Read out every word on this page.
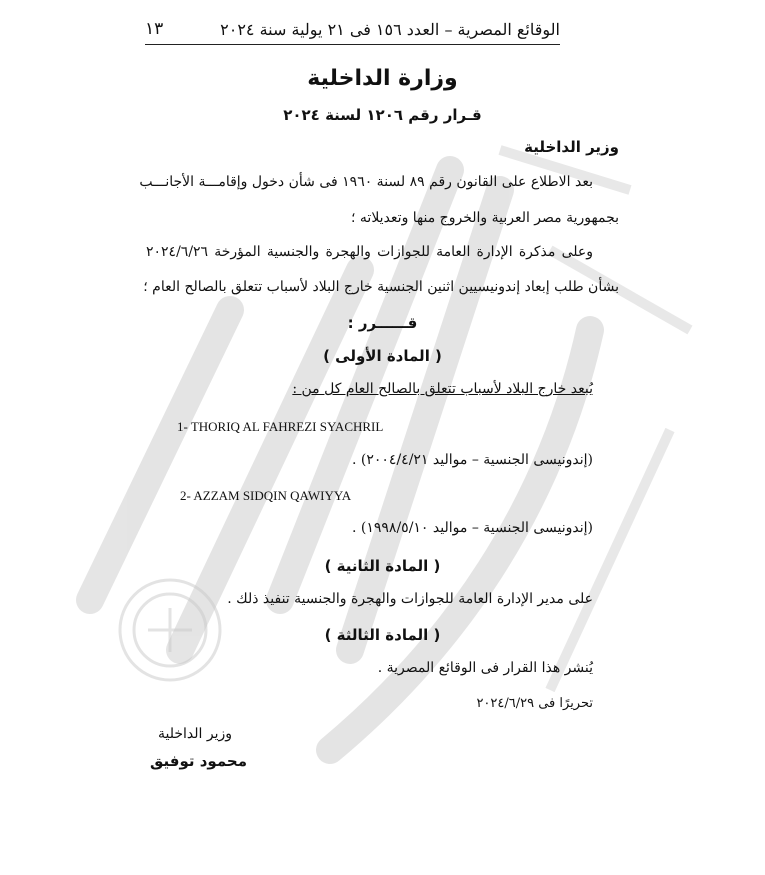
الوقائع المصرية – العدد ١٥٦ فى ٢١ يولية سنة ٢٠٢٤
١٣
وزارة الداخلية
قـرار رقم ١٢٠٦ لسنة ٢٠٢٤
وزير الداخلية
بعد الاطلاع على القانون رقم ٨٩ لسنة ١٩٦٠ فى شأن دخول وإقامـــة الأجانـــب
بجمهورية مصر العربية والخروج منها وتعديلاته ؛
وعلى مذكرة الإدارة العامة للجوازات والهجرة والجنسية المؤرخة ٢٠٢٤/٦/٢٦
بشأن طلب إبعاد إندونيسيين اثنين الجنسية خارج البلاد لأسباب تتعلق بالصالح العام ؛
قــــــرر :
( المادة الأولى )
يُبعد خارج البلاد لأسباب تتعلق بالصالح العام كل من :
1- THORIQ AL FAHREZI SYACHRIL
(إندونيسى الجنسية – مواليد ٢٠٠٤/٤/٢١) .
2- AZZAM SIDQIN QAWIYYA
(إندونيسى الجنسية – مواليد ١٩٩٨/٥/١٠) .
( المادة الثانية )
على مدير الإدارة العامة للجوازات والهجرة والجنسية تنفيذ ذلك .
( المادة الثالثة )
يُنشر هذا القرار فى الوقائع المصرية .
تحريرًا فى ٢٠٢٤/٦/٢٩
وزير الداخلية
محمود توفيق
